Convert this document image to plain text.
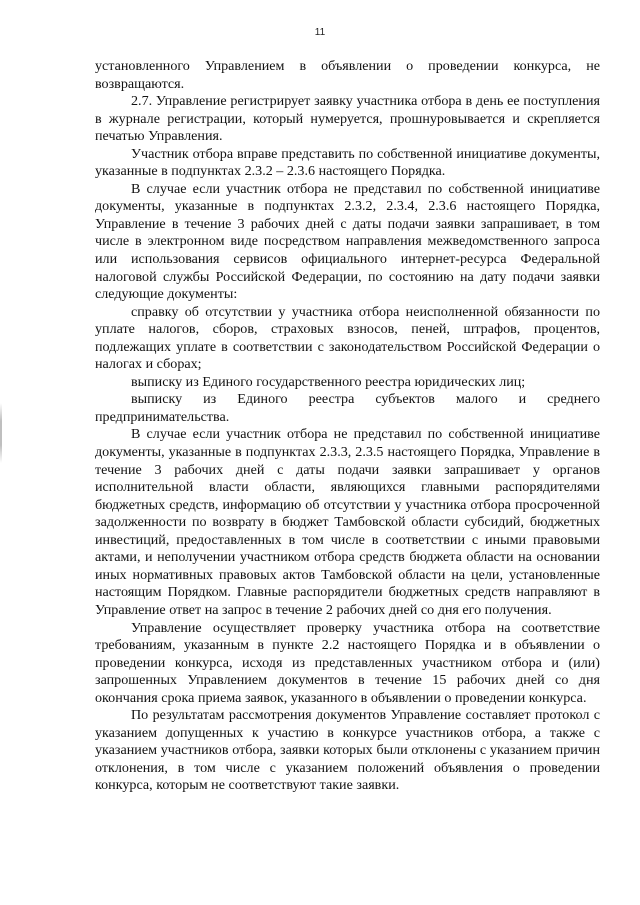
11

установленного Управлением в объявлении о проведении конкурса, не возвращаются.

2.7. Управление регистрирует заявку участника отбора в день ее поступления в журнале регистрации, который нумеруется, прошнуровывается и скрепляется печатью Управления.

Участник отбора вправе представить по собственной инициативе документы, указанные в подпунктах 2.3.2 – 2.3.6 настоящего Порядка.

В случае если участник отбора не представил по собственной инициативе документы, указанные в подпунктах 2.3.2, 2.3.4, 2.3.6 настоящего Порядка, Управление в течение 3 рабочих дней с даты подачи заявки запрашивает, в том числе в электронном виде посредством направления межведомственного запроса или использования сервисов официального интернет-ресурса Федеральной налоговой службы Российской Федерации, по состоянию на дату подачи заявки следующие документы:

справку об отсутствии у участника отбора неисполненной обязанности по уплате налогов, сборов, страховых взносов, пеней, штрафов, процентов, подлежащих уплате в соответствии с законодательством Российской Федерации о налогах и сборах;

выписку из Единого государственного реестра юридических лиц;

выписку из Единого реестра субъектов малого и среднего предпринимательства.

В случае если участник отбора не представил по собственной инициативе документы, указанные в подпунктах 2.3.3, 2.3.5 настоящего Порядка, Управление в течение 3 рабочих дней с даты подачи заявки запрашивает у органов исполнительной власти области, являющихся главными распорядителями бюджетных средств, информацию об отсутствии у участника отбора просроченной задолженности по возврату в бюджет Тамбовской области субсидий, бюджетных инвестиций, предоставленных в том числе в соответствии с иными правовыми актами, и неполучении участником отбора средств бюджета области на основании иных нормативных правовых актов Тамбовской области на цели, установленные настоящим Порядком. Главные распорядители бюджетных средств направляют в Управление ответ на запрос в течение 2 рабочих дней со дня его получения.

Управление осуществляет проверку участника отбора на соответствие требованиям, указанным в пункте 2.2 настоящего Порядка и в объявлении о проведении конкурса, исходя из представленных участником отбора и (или) запрошенных Управлением документов в течение 15 рабочих дней со дня окончания срока приема заявок, указанного в объявлении о проведении конкурса.

По результатам рассмотрения документов Управление составляет протокол с указанием допущенных к участию в конкурсе участников отбора, а также с указанием участников отбора, заявки которых были отклонены с указанием причин отклонения, в том числе с указанием положений объявления о проведении конкурса, которым не соответствуют такие заявки.
